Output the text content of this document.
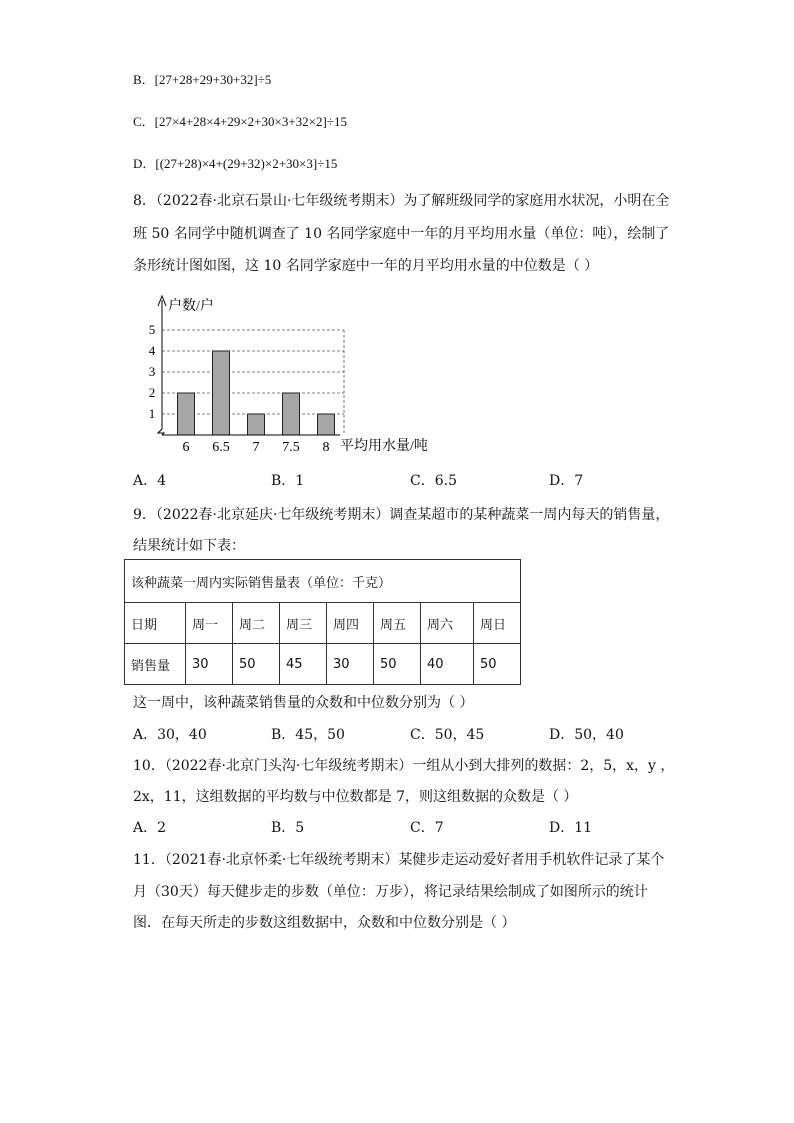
B．[27+28+29+30+32]÷5
C．[27×4+28×4+29×2+30×3+32×2]÷15
D．[(27+28)×4+(29+32)×2+30×3]÷15
8．（2022春·北京石景山·七年级统考期末）为了解班级同学的家庭用水状况，小明在全
班 50 名同学中随机调查了 10 名同学家庭中一年的月平均用水量（单位：吨），绘制了
条形统计图如图，这 10 名同学家庭中一年的月平均用水量的中位数是（ ）
1
2
3
4
5
6 6.5 7 7.5 8
户数/户
平均用水量/吨
A．4	B．1	C．6.5	D．7
9．（2022春·北京延庆·七年级统考期末）调查某超市的某种蔬菜一周内每天的销售量，
结果统计如下表：
该种蔬菜一周内实际销售量表（单位：千克）							
日期	周一	周二	周三	周四	周五	周六	周日
销售量	30	50	45	30	50	40	50
这一周中，该种蔬菜销售量的众数和中位数分别为（ ）
A．30，40	B．45，50	C．50，45	D．50，40
10．（2022春·北京门头沟·七年级统考期末）一组从小到大排列的数据：2，5，x，y ，
2x，11，这组数据的平均数与中位数都是 7，则这组数据的众数是（ ）
A．2	B．5	C．7	D．11
11．（2021春·北京怀柔·七年级统考期末）某健步走运动爱好者用手机软件记录了某个
月（30天）每天健步走的步数（单位：万步），将记录结果绘制成了如图所示的统计
图．在每天所走的步数这组数据中，众数和中位数分别是（ ）
